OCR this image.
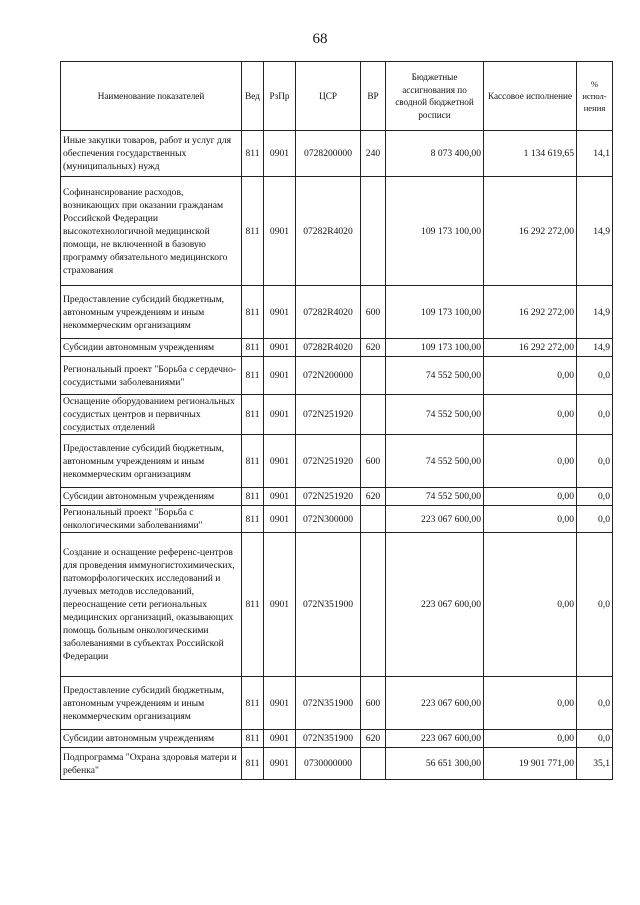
68
Наименование показателей	Вед	РзПр	ЦСР	ВР	Бюджетные ассигнования по сводной бюджетной росписи	Кассовое исполнение	% испол-нения
Иные закупки товаров, работ и услуг для обеспечения государственных (муниципальных) нужд	811	0901	0728200000	240	8 073 400,00	1 134 619,65	14,1
Софинансирование расходов, возникающих при оказании гражданам Российской Федерации высокотехнологичной медицинской помощи, не включенной в базовую программу обязательного медицинского страхования	811	0901	07282R4020		109 173 100,00	16 292 272,00	14,9
Предоставление субсидий бюджетным, автономным учреждениям и иным некоммерческим организациям	811	0901	07282R4020	600	109 173 100,00	16 292 272,00	14,9
Субсидии автономным учреждениям	811	0901	07282R4020	620	109 173 100,00	16 292 272,00	14,9
Региональный проект "Борьба с сердечно-сосудистыми заболеваниями"	811	0901	072N200000		74 552 500,00	0,00	0,0
Оснащение оборудованием региональных сосудистых центров и первичных сосудистых отделений	811	0901	072N251920		74 552 500,00	0,00	0,0
Предоставление субсидий бюджетным, автономным учреждениям и иным некоммерческим организациям	811	0901	072N251920	600	74 552 500,00	0,00	0,0
Субсидии автономным учреждениям	811	0901	072N251920	620	74 552 500,00	0,00	0,0
Региональный проект "Борьба с онкологическими заболеваниями"	811	0901	072N300000		223 067 600,00	0,00	0,0
Создание и оснащение референс-центров для проведения иммуногистохимических, патоморфологических исследований и лучевых методов исследований, переоснащение сети региональных медицинских организаций, оказывающих помощь больным онкологическими заболеваниями в субъектах Российской Федерации	811	0901	072N351900		223 067 600,00	0,00	0,0
Предоставление субсидий бюджетным, автономным учреждениям и иным некоммерческим организациям	811	0901	072N351900	600	223 067 600,00	0,00	0,0
Субсидии автономным учреждениям	811	0901	072N351900	620	223 067 600,00	0,00	0,0
Подпрограмма "Охрана здоровья матери и ребенка"	811	0901	0730000000		56 651 300,00	19 901 771,00	35,1
